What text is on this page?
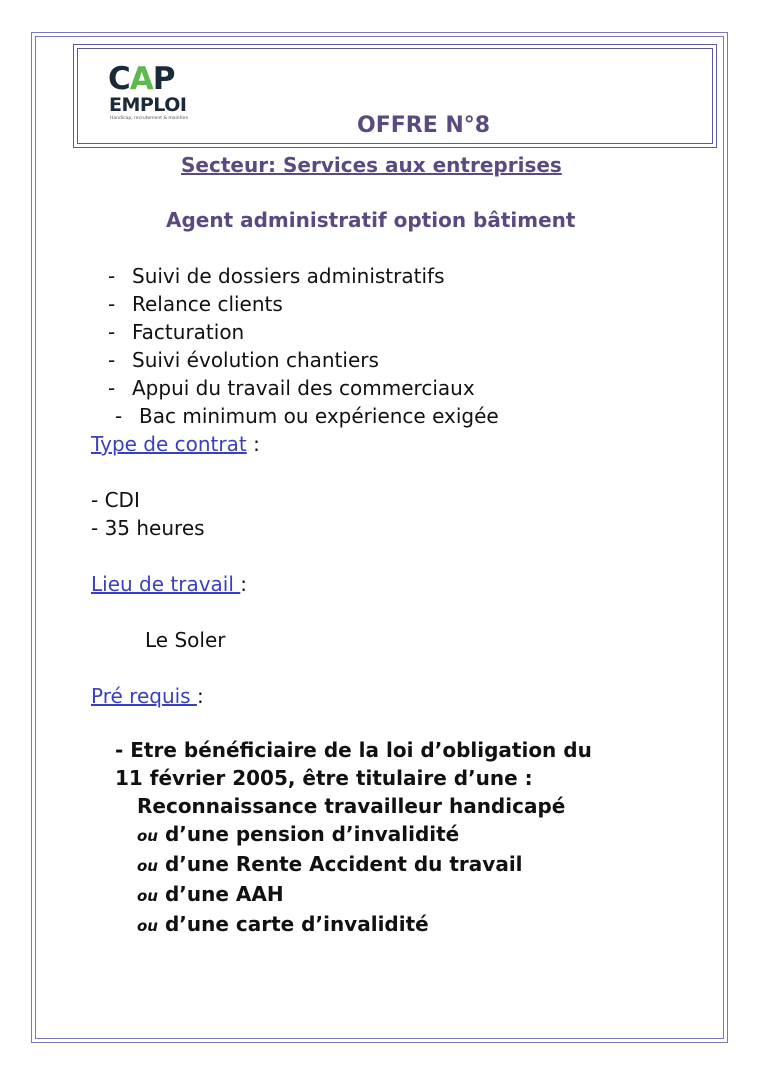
CAP
EMPLOI
Handicap, recrutement & maintien	OFFRE N°8
Secteur: Services aux entreprises
Agent administratif option bâtiment
- Suivi de dossiers administratifs
- Relance clients
- Facturation
- Suivi évolution chantiers
- Appui du travail des commerciaux
- Bac minimum ou expérience exigée
Type de contrat :
- CDI
- 35 heures
Lieu de travail :
Le Soler
Pré requis :
- Etre bénéficiaire de la loi d’obligation du
11 février 2005, être titulaire d’une :
Reconnaissance travailleur handicapé
ou d’une pension d’invalidité
ou d’une Rente Accident du travail
ou d’une AAH
ou d’une carte d’invalidité
